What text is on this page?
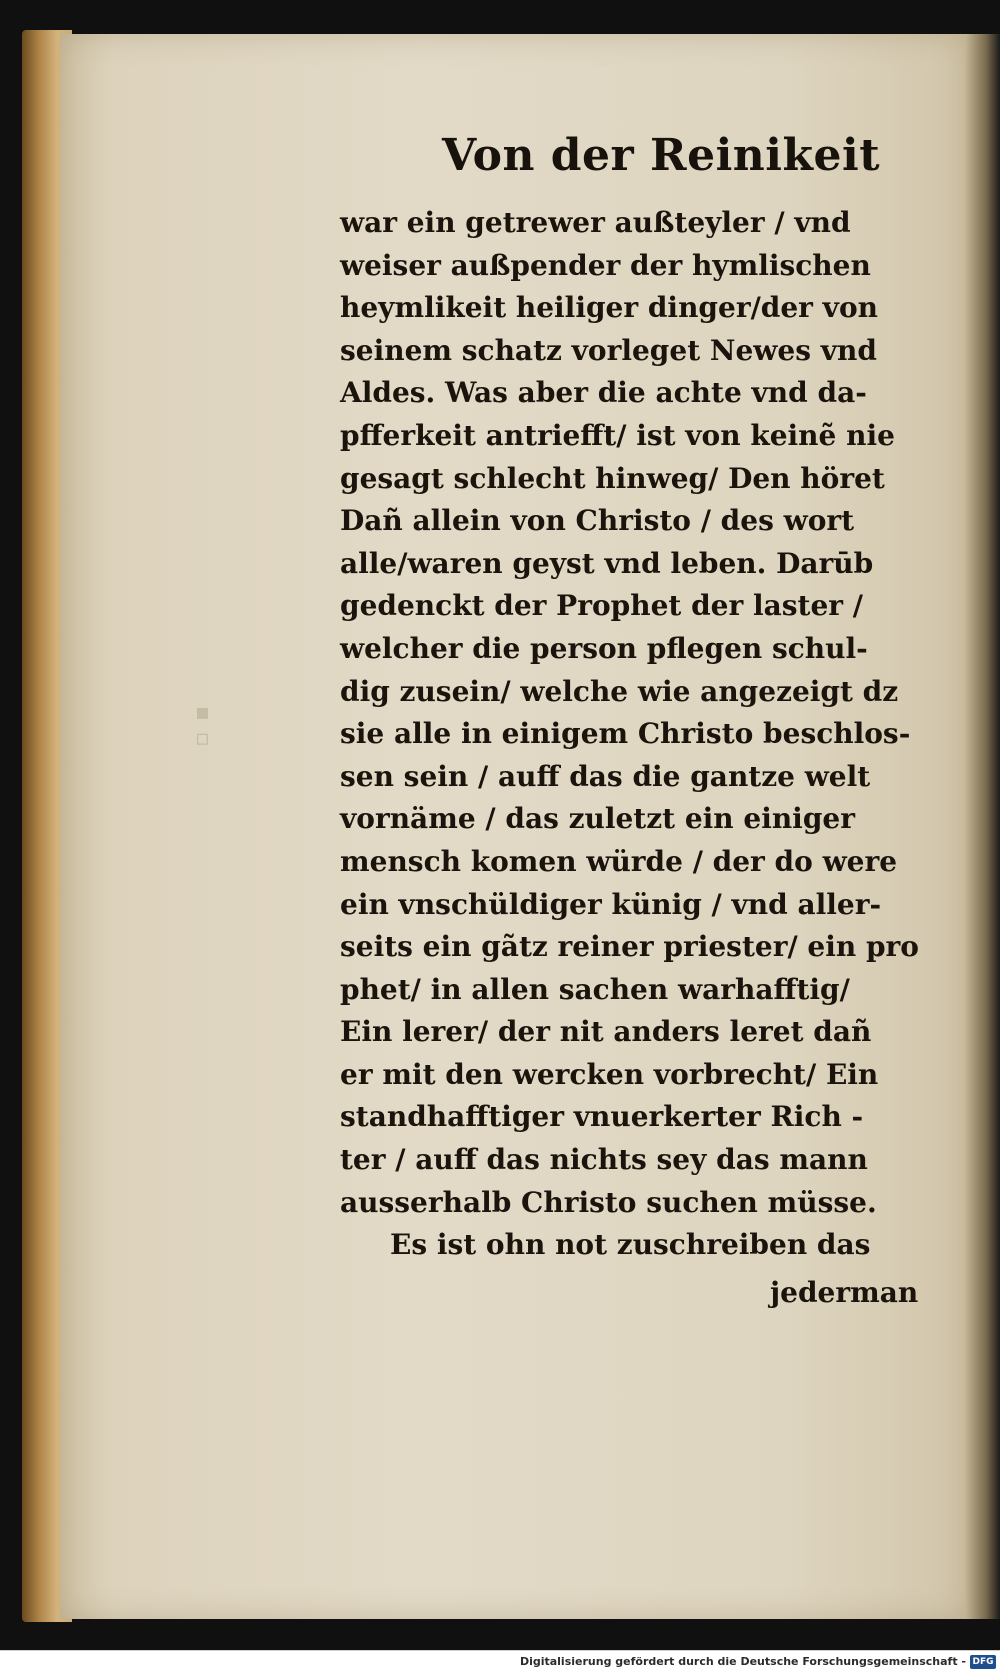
▪
▫
Von der Reinikeit
war ein getrewer außteyler / vnd
weiser außpender der hymlischen
heymlikeit heiliger dinger/der von
seinem schatz vorleget Newes vnd
Aldes. Was aber die achte vnd da-
pfferkeit antriefft/ ist von keinẽ nie
gesagt schlecht hinweg/ Den höret
Dañ allein von Christo / des wort
alle/waren geyst vnd leben. Darūb
gedenckt der Prophet der laster /
welcher die person pflegen schul-
dig zusein/ welche wie angezeigt dz
sie alle in einigem Christo beschlos-
sen sein / auff das die gantze welt
vornäme / das zuletzt ein einiger
mensch komen würde / der do were
ein vnschüldiger künig / vnd aller-
seits ein gãtz reiner priester/ ein pro
phet/ in allen sachen warhafftig/
Ein lerer/ der nit anders leret dañ
er mit den wercken vorbrecht/ Ein
standhafftiger vnuerkerter Rich -
ter / auff das nichts sey das mann
ausserhalb Christo suchen müsse.
Es ist ohn not zuschreiben das
jederman
Digitalisierung gefördert durch die Deutsche Forschungsgemeinschaft - DFG
